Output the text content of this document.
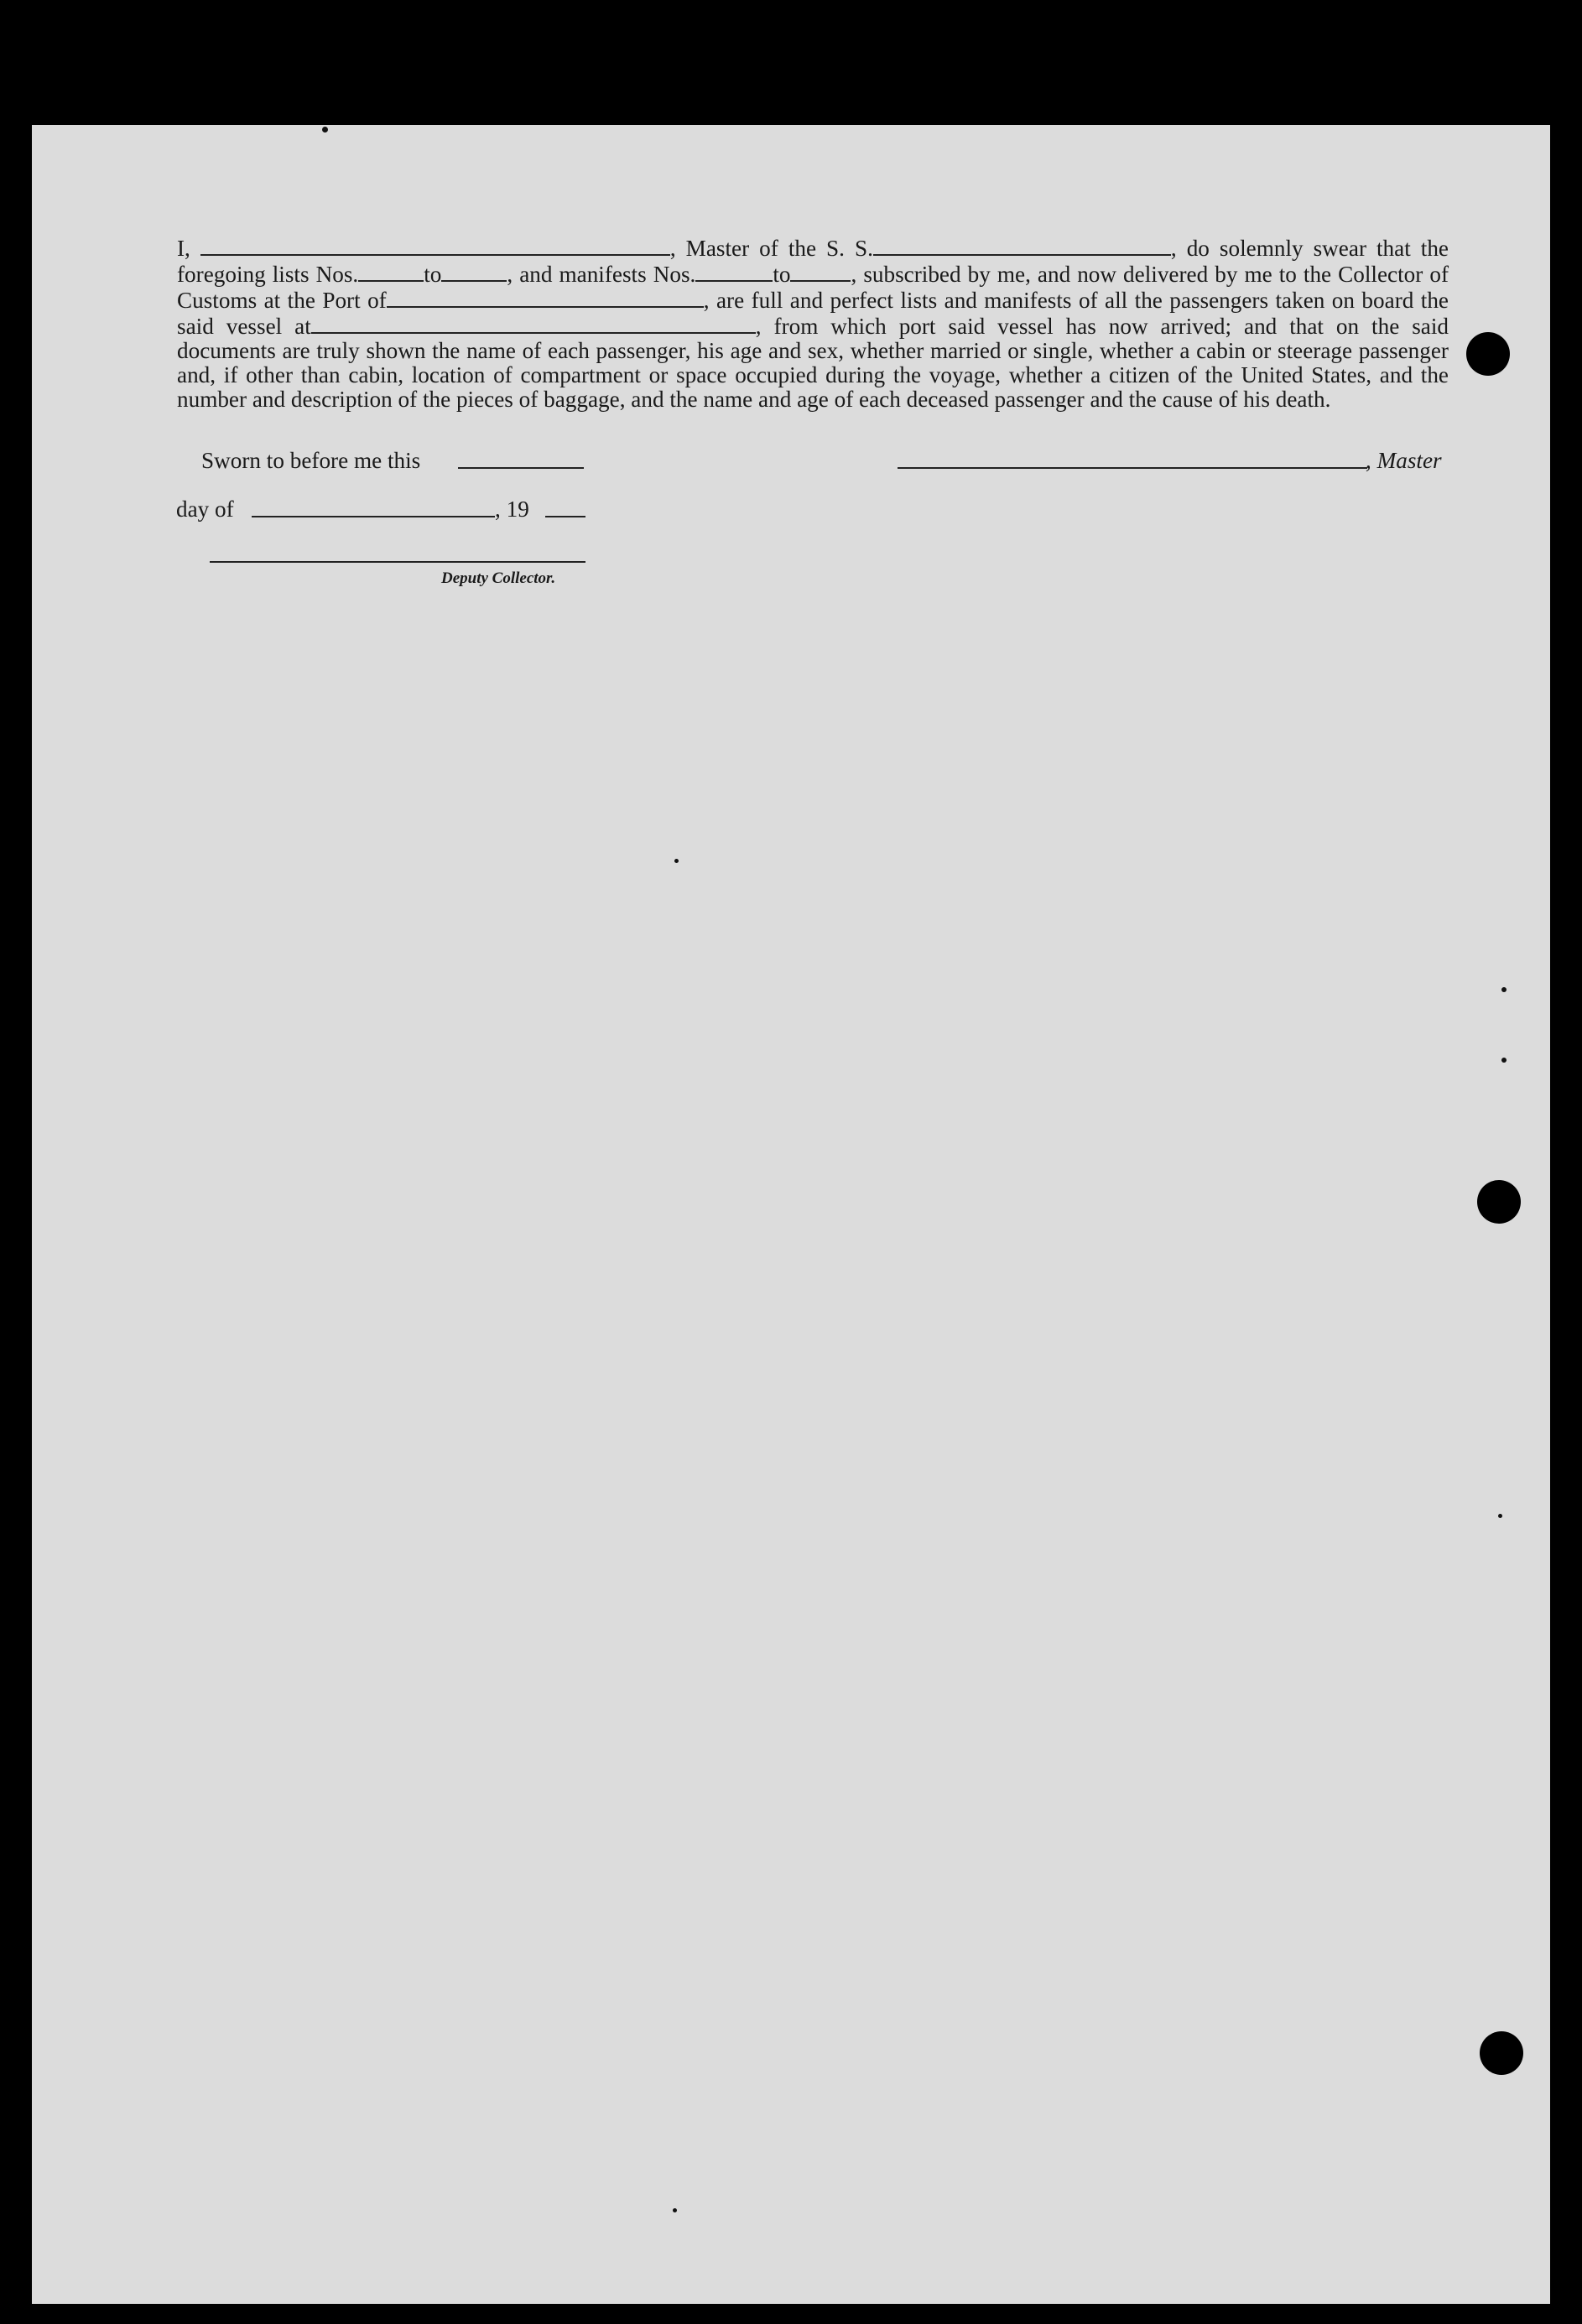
I,	, Master of the S. S.	, do solemnly swear that the foregoing lists Nos.	to	, and manifests Nos.	to	, subscribed by me, and now delivered by me to the Collector of Customs at the Port of	, are full and perfect lists and manifests of all the passengers taken on board the said vessel at	, from which port said vessel has now arrived; and that on the said documents are truly shown the name of each passenger, his age and sex, whether married or single, whether a cabin or steerage passenger and, if other than cabin, location of compartment or space occupied during the voyage, whether a citizen of the United States, and the number and description of the pieces of baggage, and the name and age of each deceased passenger and the cause of his death.

Sworn to before me this	, Master
day of	, 19
Deputy Collector.
